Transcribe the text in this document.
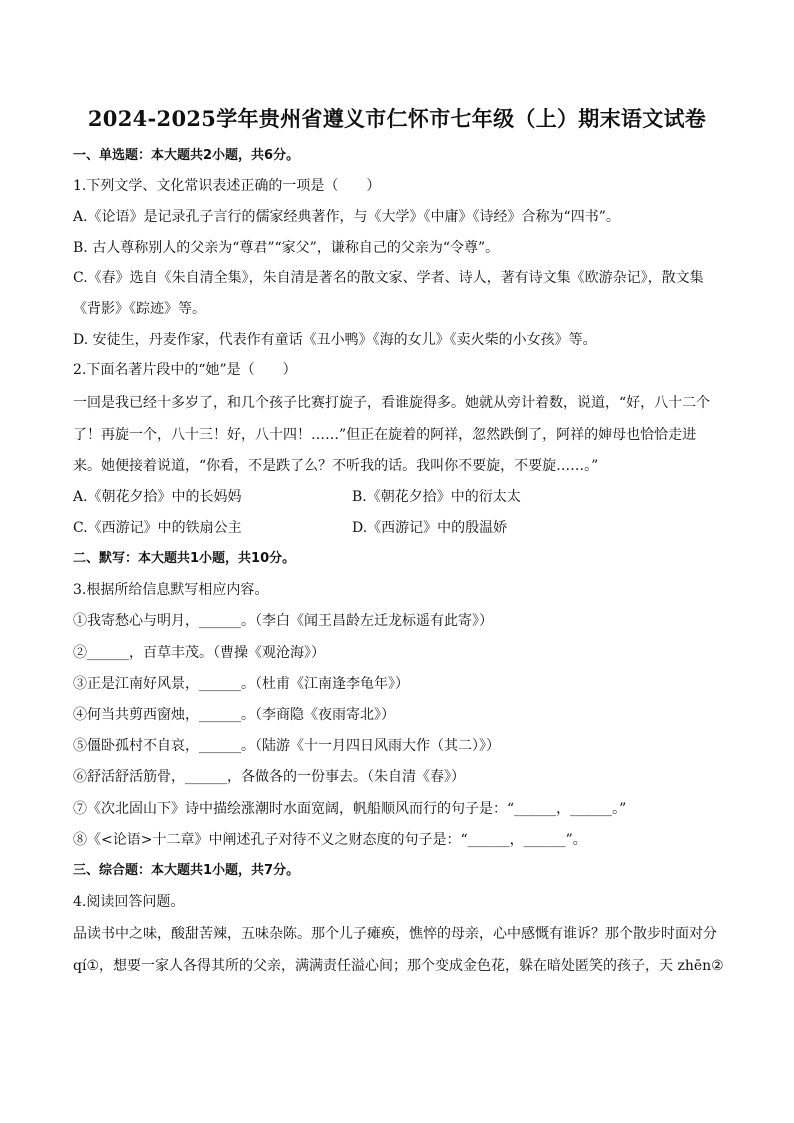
2024-2025学年贵州省遵义市仁怀市七年级（上）期末语文试卷
一、单选题：本大题共2小题，共6分。
1.下列文学、文化常识表述正确的一项是（　　）
A.《论语》是记录孔子言行的儒家经典著作，与《大学》《中庸》《诗经》合称为“四书”。
B. 古人尊称别人的父亲为“尊君”“家父”，谦称自己的父亲为“令尊”。
C.《春》选自《朱自清全集》，朱自清是著名的散文家、学者、诗人，著有诗文集《欧游杂记》，散文集
《背影》《踪迹》等。
D. 安徒生，丹麦作家，代表作有童话《丑小鸭》《海的女儿》《卖火柴的小女孩》等。
2.下面名著片段中的“她”是（　　）
一回是我已经十多岁了，和几个孩子比赛打旋子，看谁旋得多。她就从旁计着数，说道，“好，八十二个
了！再旋一个，八十三！好，八十四！……”但正在旋着的阿祥，忽然跌倒了，阿祥的婶母也恰恰走进
来。她便接着说道，“你看，不是跌了么？不听我的话。我叫你不要旋，不要旋……。”
A.《朝花夕拾》中的长妈妈	B.《朝花夕拾》中的衍太太
C.《西游记》中的铁扇公主	D.《西游记》中的殷温娇
二、默写：本大题共1小题，共10分。
3.根据所给信息默写相应内容。
①我寄愁心与明月，______。（李白《闻王昌龄左迁龙标遥有此寄》）
②______，百草丰茂。（曹操《观沧海》）
③正是江南好风景，______。（杜甫《江南逢李龟年》）
④何当共剪西窗烛，______。（李商隐《夜雨寄北》）
⑤僵卧孤村不自哀，______。（陆游《十一月四日风雨大作（其二）》）
⑥舒活舒活筋骨，______，各做各的一份事去。（朱自清《春》）
⑦《次北固山下》诗中描绘涨潮时水面宽阔，帆船顺风而行的句子是：“______，______。”
⑧《<论语>十二章》中阐述孔子对待不义之财态度的句子是：“______，______”。
三、综合题：本大题共1小题，共7分。
4.阅读回答问题。
品读书中之味，酸甜苦辣，五味杂陈。那个儿子瘫痪，憔悴的母亲，心中感慨有谁诉？那个散步时面对分
qí①，想要一家人各得其所的父亲，满满责任溢心间；那个变成金色花，躲在暗处匿笑的孩子，天 zhēn②
